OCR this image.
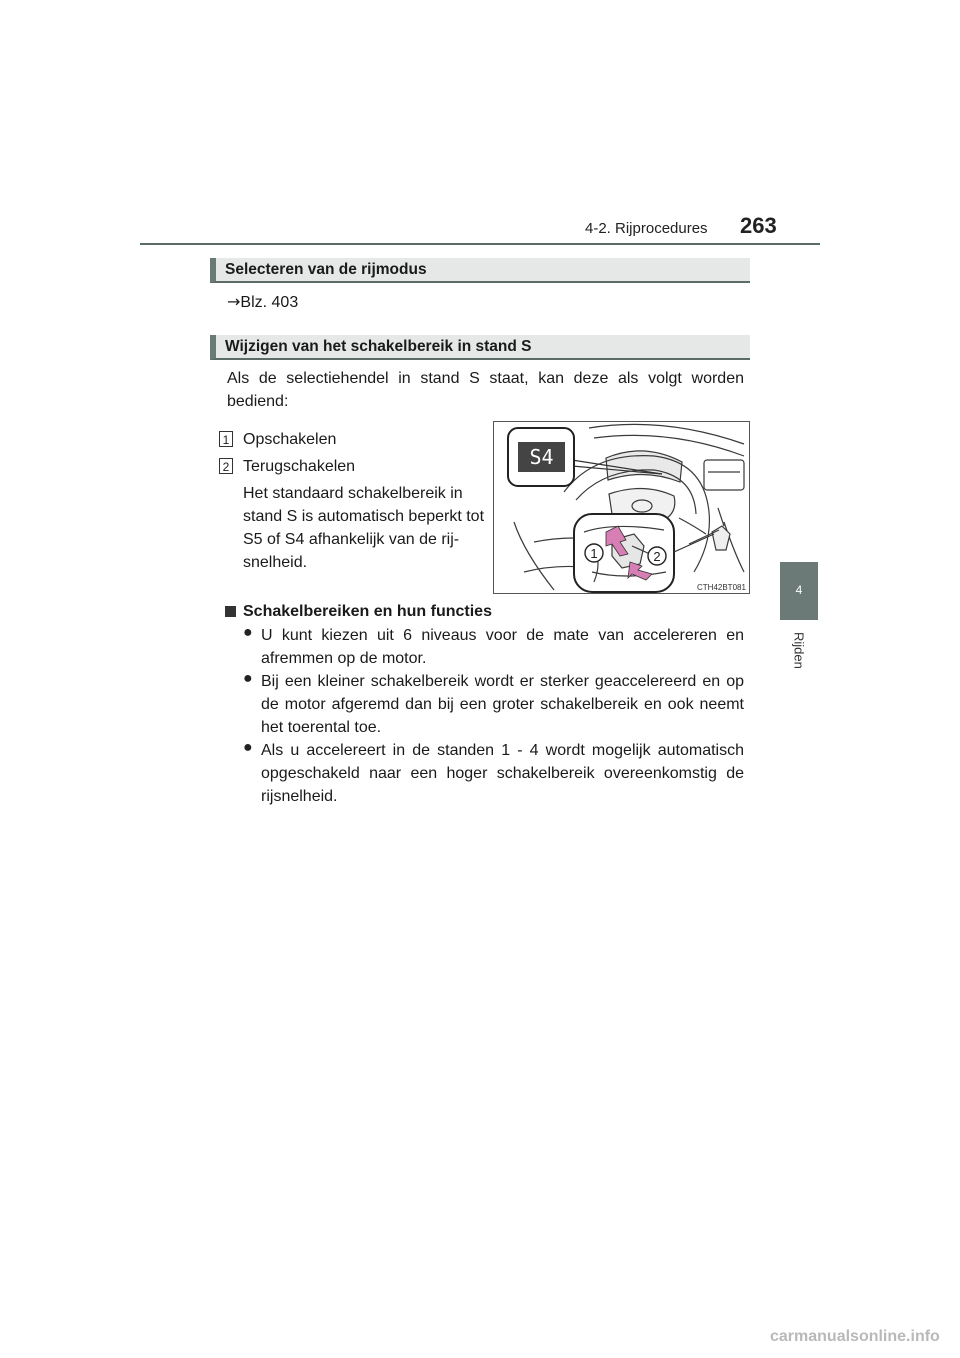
4-2. Rijprocedures 263
4
Rijden
Selecteren van de rijmodus
→Blz. 403
Wijzigen van het schakelbereik in stand S
Als de selectiehendel in stand S staat, kan deze als volgt worden bediend:
1 Opschakelen
2 Terugschakelen
Het standaard schakelbereik in
stand S is automatisch beperkt tot
S5 of S4 afhankelijk van de rij-
snelheid.
S4
1	2
CTH42BT081
Schakelbereiken en hun functies
● U kunt kiezen uit 6 niveaus voor de mate van accelereren en afremmen op de motor.
● Bij een kleiner schakelbereik wordt er sterker geaccelereerd en op de motor afgeremd dan bij een groter schakelbereik en ook neemt het toerental toe.
● Als u accelereert in de standen 1 - 4 wordt mogelijk automatisch opgeschakeld naar een hoger schakelbereik overeenkomstig de rijsnelheid.
carmanualsonline.info
